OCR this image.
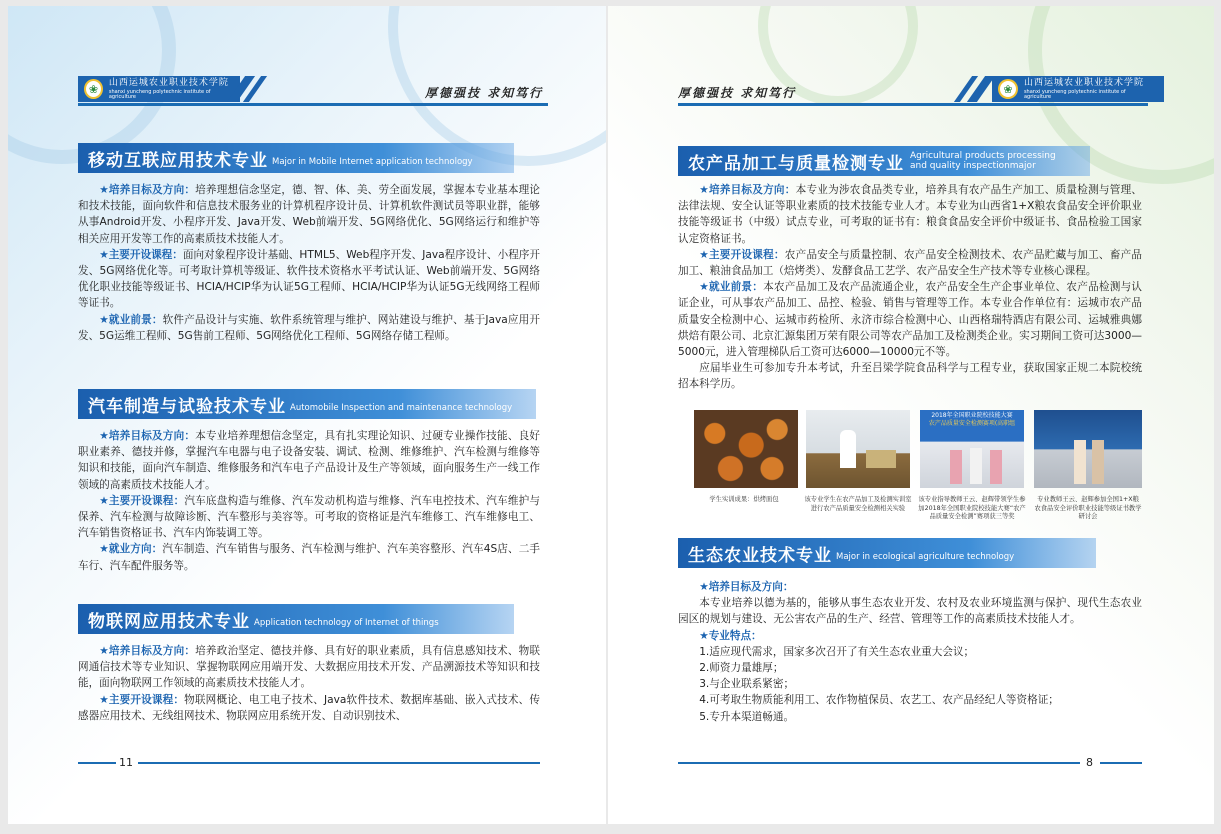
❀	山西运城农业职业技术学院
shanxi yuncheng polytechnic institute of agriculture	厚德强技 求知笃行
移动互联应用技术专业 Major in Mobile Internet application technology

★培养目标及方向：培养理想信念坚定，德、智、体、美、劳全面发展，掌握本专业基本理论和技术技能，面向软件和信息技术服务业的计算机程序设计员、计算机软件测试员等职业群，能够从事Android开发、小程序开发、Java开发、Web前端开发、5G网络优化、5G网络运行和维护等相关应用开发等工作的高素质技术技能人才。

★主要开设课程：面向对象程序设计基础、HTML5、Web程序开发、Java程序设计、小程序开发、5G网络优化等。可考取计算机等级证、软件技术资格水平考试认证、Web前端开发、5G网络优化职业技能等级证书、HCIA/HCIP华为认证5G工程师、HCIA/HCIP华为认证5G无线网络工程师等证书。

★就业前景：软件产品设计与实施、软件系统管理与维护、网站建设与维护、基于Java应用开发、5G运维工程师、5G售前工程师、5G网络优化工程师、5G网络存储工程师。

汽车制造与试验技术专业 Automobile Inspection and maintenance technology

★培养目标及方向：本专业培养理想信念坚定，具有扎实理论知识、过硬专业操作技能、良好职业素养、德技并修，掌握汽车电器与电子设备安装、调试、检测、维修维护、汽车检测与维修等知识和技能，面向汽车制造、维修服务和汽车电子产品设计及生产等领域，面向服务生产一线工作领域的高素质技术技能人才。

★主要开设课程：汽车底盘构造与维修、汽车发动机构造与维修、汽车电控技术、汽车维护与保养、汽车检测与故障诊断、汽车整形与美容等。可考取的资格证是汽车维修工、汽车维修电工、汽车销售资格证书、汽车内饰装调工等。

★就业方向：汽车制造、汽车销售与服务、汽车检测与维护、汽车美容整形、汽车4S店、二手车行、汽车配件服务等。

物联网应用技术专业 Application technology of Internet of things

★培养目标及方向：培养政治坚定、德技并修、具有好的职业素质，具有信息感知技术、物联网通信技术等专业知识、掌握物联网应用端开发、大数据应用技术开发、产品溯源技术等知识和技能，面向物联网工作领域的高素质技术技能人才。

★主要开设课程：物联网概论、电工电子技术、Java软件技术、数据库基础、嵌入式技术、传感器应用技术、无线组网技术、物联网应用系统开发、自动识别技术、

11
厚德强技 求知笃行	❀	山西运城农业职业技术学院
shanxi yuncheng polytechnic institute of agriculture
农产品加工与质量检测专业 Agricultural products processing
and quality inspectionmajor

★培养目标及方向：本专业为涉农食品类专业，培养具有农产品生产加工、质量检测与管理、法律法规、安全认证等职业素质的技术技能专业人才。本专业为山西省1+X粮农食品安全评价职业技能等级证书（中级）试点专业，可考取的证书有：粮食食品安全评价中级证书、食品检验工国家认定资格证书。

★主要开设课程：农产品安全与质量控制、农产品安全检测技术、农产品贮藏与加工、畜产品加工、粮油食品加工（焙烤类）、发酵食品工艺学、农产品安全生产技术等专业核心课程。

★就业前景：本农产品加工及农产品流通企业，农产品安全生产企事业单位、农产品检测与认证企业，可从事农产品加工、品控、检验、销售与管理等工作。本专业合作单位有：运城市农产品质量安全检测中心、运城市药检所、永济市综合检测中心、山西格瑞特酒店有限公司、运城雅典娜烘焙有限公司、北京汇源集团万荣有限公司等农产品加工及检测类企业。实习期间工资可达3000—5000元，进入管理梯队后工资可达6000—10000元不等。

应届毕业生可参加专升本考试，升至吕梁学院食品科学与工程专业，获取国家正规二本院校统招本科学历。

2018年全国职业院校技能大赛
农产品质量安全检测赛项(高职组
学生实训成果：烘烤面包	该专业学生在农产品加工及检测实训室进行农产品质量安全检测相关实验
该专业指导教师王云、赵辉带领学生参加2018年全国职业院校技能大赛“农产品质量安全检测”赛项获三等奖
专业教师王云、赵辉参加全国1+X粮农食品安全评价职业技能等级证书教学研讨会
生态农业技术专业 Major in ecological agriculture technology

★培养目标及方向：

本专业培养以德为基的，能够从事生态农业开发、农村及农业环境监测与保护、现代生态农业园区的规划与建设、无公害农产品的生产、经营、管理等工作的高素质技术技能人才。

★专业特点：

1.适应现代需求，国家多次召开了有关生态农业重大会议；

2.师资力量雄厚；

3.与企业联系紧密；

4.可考取生物质能利用工、农作物植保员、农艺工、农产品经纪人等资格证；

5.专升本渠道畅通。

8
